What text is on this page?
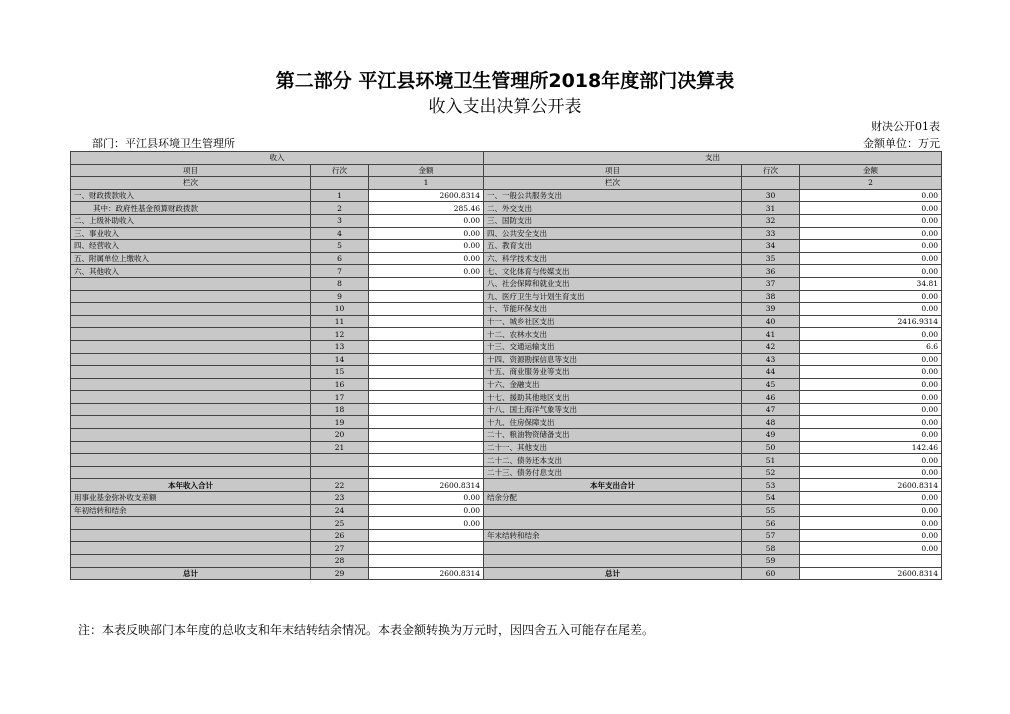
第二部分 平江县环境卫生管理所2018年度部门决算表
收入支出决算公开表
财决公开01表
部门：平江县环境卫生管理所	金额单位：万元
收入			支出		
项目	行次	金额	项目	行次	金额
栏次		1	栏次		2
一、财政拨款收入	1	2600.8314	一、一般公共服务支出	30	0.00
其中：政府性基金预算财政拨款	2	285.46	二、外交支出	31	0.00
二、上级补助收入	3	0.00	三、国防支出	32	0.00
三、事业收入	4	0.00	四、公共安全支出	33	0.00
四、经营收入	5	0.00	五、教育支出	34	0.00
五、附属单位上缴收入	6	0.00	六、科学技术支出	35	0.00
六、其他收入	7	0.00	七、文化体育与传媒支出	36	0.00
	8		八、社会保障和就业支出	37	34.81
	9		九、医疗卫生与计划生育支出	38	0.00
	10		十、节能环保支出	39	0.00
	11		十一、城乡社区支出	40	2416.9314
	12		十二、农林水支出	41	0.00
	13		十三、交通运输支出	42	6.6
	14		十四、资源勘探信息等支出	43	0.00
	15		十五、商业服务业等支出	44	0.00
	16		十六、金融支出	45	0.00
	17		十七、援助其他地区支出	46	0.00
	18		十八、国土海洋气象等支出	47	0.00
	19		十九、住房保障支出	48	0.00
	20		二十、粮油物资储备支出	49	0.00
	21		二十一、其他支出	50	142.46
			二十二、债务还本支出	51	0.00
			二十三、债务付息支出	52	0.00
本年收入合计	22	2600.8314	本年支出合计	53	2600.8314
用事业基金弥补收支差额	23	0.00	结余分配	54	0.00
年初结转和结余	24	0.00		55	0.00
	25	0.00		56	0.00
	26		年末结转和结余	57	0.00
	27			58	0.00
	28			59	
总计	29	2600.8314	总计	60	2600.8314
注：本表反映部门本年度的总收支和年末结转结余情况。本表金额转换为万元时，因四舍五入可能存在尾差。
